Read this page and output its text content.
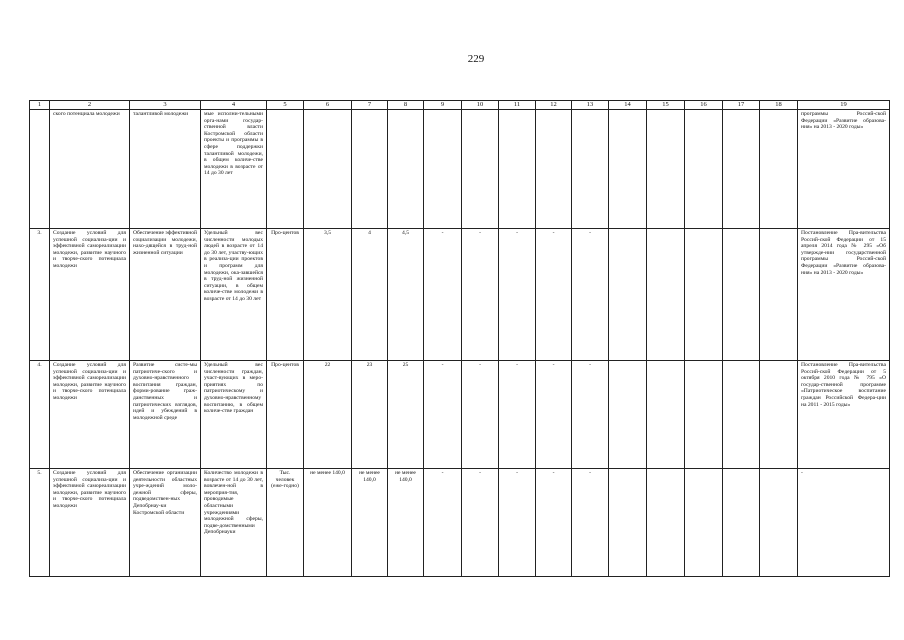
229
1	2	3	4	5	6	7	8	9	10	11	12	13	14	15	16	17	18	19
	ского потенциала молодежи	талантливой молодежи	мые исполни-тельными орга-нами государ-ственной власти Костромской области проекты и программы в сфере поддержки талантливой молодежи, в общем количе-стве молодежи в возрасте от 14 до 30 лет															программы Россий-ской Федерации «Развитие образова-ния» на 2013 - 2020 годы»
3.	Создание условий для успешной социализа-ции и эффективной самореализации молодежи, развитие научного и творче-ского потенциала молодежи	Обеспечение эффективной социализации молодежи, нахо-дящейся в труд-ной жизненной ситуации	Удельный вес численности молодых людей в возрасте от 14 до 30 лет, участву-ющих в реализа-ции проектов и программ для молодежи, ока-завшейся в труд-ной жизненной ситуации, в общем количе-стве молодежи в возрасте от 14 до 30 лет	Про-центов	3,5	4	4,5	-	-	-	-	-						Постановление Пра-вительства Россий-ской Федерации от 15 апреля 2014 года № 295 «Об утвержде-нии государственной программы Россий-ской Федерации «Развитие образова-ния» на 2013 - 2020 годы»
4.	Создание условий для успешной социализа-ции и эффективной самореализации молодежи, развитие научного и творче-ского потенциала молодежи	Развитие систе-мы патриотиче-ского и духовно-нравственного воспитания граждан, форми-рование граж-данственных и патриотических взглядов, идей и убеждений в молодежной среде	Удельный вес численности граждан, участ-вующих в меро-приятиях по патриотическому и духовно-нравственному воспитанию, в общем количе-стве граждан	Про-центов	22	23	25	-	-	-	-	-						Постановление Пра-вительства Россий-ской Федерации от 5 октября 2010 года № 795 «О государ-ственной программе «Патриотическое воспитание граждан Российской Федера-ции на 2011 - 2015 годы»
5.	Создание условий для успешной социализа-ции и эффективной самореализации молодежи, развитие научного и творче-ского потенциала молодежи	Обеспечение организации деятельности областных учре-ждений моло-дежной сферы, подведомствен-ных Депобрнау-ки Костромской области	Количество молодежи в возрасте от 14 до 30 лет, вовлечен-ной в мероприя-тия, проводимые областными учреждениями молодежной сферы, подве-домственными Депобрнауки	Тыс. человек (еже-годно)	не менее 140,0	не менее 140,0	не менее 140,0	-	-	-	-	-						-
